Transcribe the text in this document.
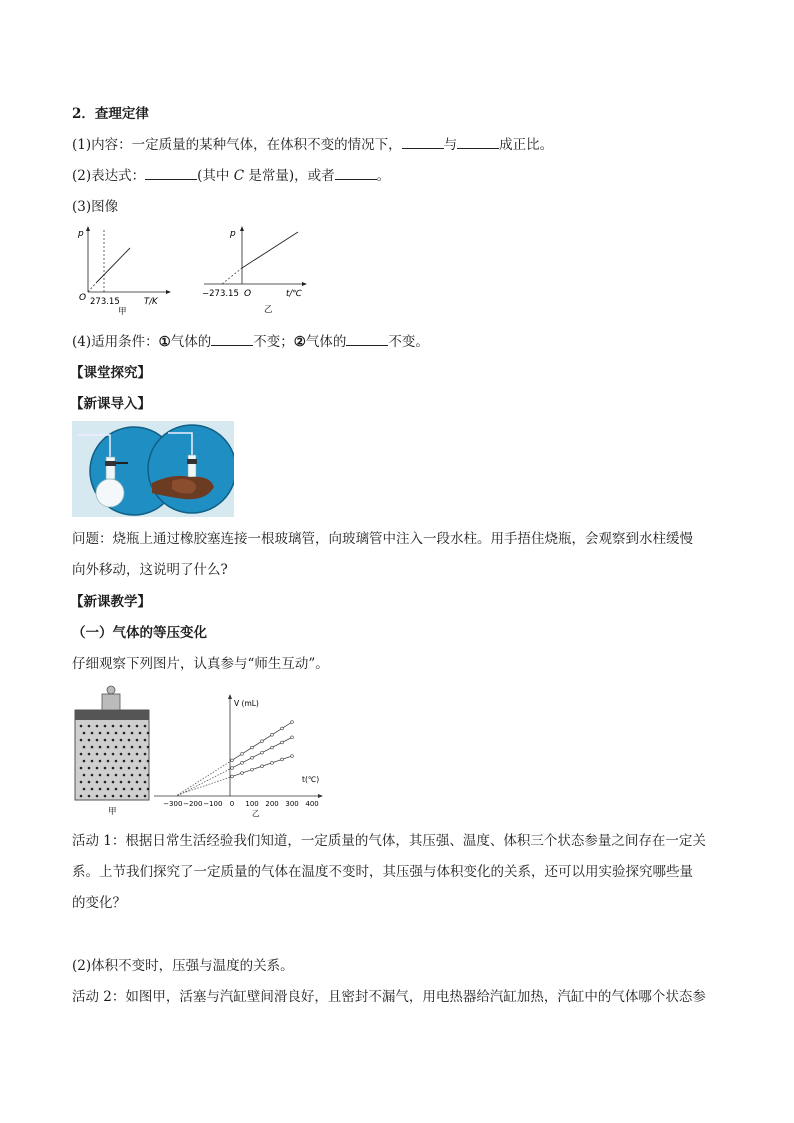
2．查理定律
(1)内容：一定质量的某种气体，在体积不变的情况下，	与	成正比。
(2)表达式：	(其中 C 是常量)，或者	。
(3)图像
p
O 273.15	T/K
甲
p
−273.15 O	t/℃
乙
(4)适用条件：①气体的	不变；②气体的	不变。
【课堂探究】
【新课导入】
问题：烧瓶上通过橡胶塞连接一根玻璃管，向玻璃管中注入一段水柱。用手捂住烧瓶，会观察到水柱缓慢
向外移动，这说明了什么?
【新课教学】
（一）气体的等压变化
仔细观察下列图片，认真参与“师生互动”。
甲
V (mL)
t(℃)
−300 −200 −100 0 100 200 300 400
乙
活动 1：根据日常生活经验我们知道，一定质量的气体，其压强、温度、体积三个状态参量之间存在一定关
系。上节我们探究了一定质量的气体在温度不变时，其压强与体积变化的关系，还可以用实验探究哪些量
的变化？
(2)体积不变时，压强与温度的关系。
活动 2：如图甲，活塞与汽缸壁间滑良好，且密封不漏气，用电热器给汽缸加热，汽缸中的气体哪个状态参
